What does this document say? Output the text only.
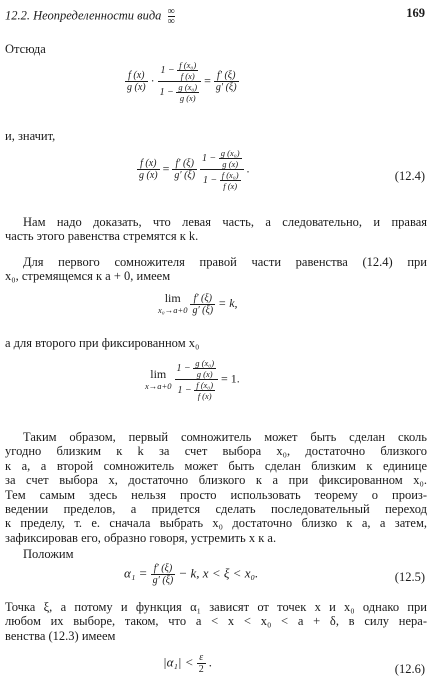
12.2. Неопределенности вида ∞
∞
169
Отсюда
$\frac{f (x)}{g (x)} \cdot \frac{1 - \frac{\text{f (x₀)}}{f (x)}}{1 - \frac{\text{g (x₀)}}{g (x)}} = \frac{f' (\xi)}{g' (\xi)}$
и, значит,
$\frac{f (x)}{g (x)} = \frac{f' (\xi)}{g' (\xi)}$
$\frac{1 - \frac{\text{g (x₀)}}{g (x)}}{1 - \frac{\text{f (x₀)}}{f (x)}}$ .
(12.4)
Нам надо доказать, что левая часть, а следовательно, и правая
часть этого равенства стремятся к k.
Для первого сомножителя правой части равенства (12.4) при
x₀, стремящемся к a + 0, имеем
lim
x₀→a+0
$\frac{f' (\xi)}{g' (\xi)} = k$,
а для второго при фиксированном x₀
lim
x→a+0
$\frac{1 - \frac{\text{g (x₀)}}{g (x)}}{1 - \frac{\text{f (x₀)}}{f (x)}} = 1$.
Таким образом, первый сомножитель может быть сделан сколь
угодно близким к k за счет выбора x₀, достаточно близкого
к a, а второй сомножитель может быть сделан близким к единице
за счет выбора x, достаточно близкого к a при фиксированном x₀.
Тем самым здесь нельзя просто использовать теорему о произ-
ведении пределов, а придется сделать последовательный переход
к пределу, т. е. сначала выбрать x₀ достаточно близко к a, а затем,
зафиксировав его, образно говоря, устремить x к a.
Положим
$\alpha_1 = \frac{f' (\xi)}{g' (\xi)} - k$, x < ξ < x₀.	(12.5)
Точка ξ, а потому и функция α₁ зависят от точек x и x₀ однако при
любом их выборе, таком, что a < x < x₀ < a + δ, в силу нера-
венства (12.3) имеем
$|\alpha_1| < \frac{\varepsilon}{2}$ .	(12.6)
